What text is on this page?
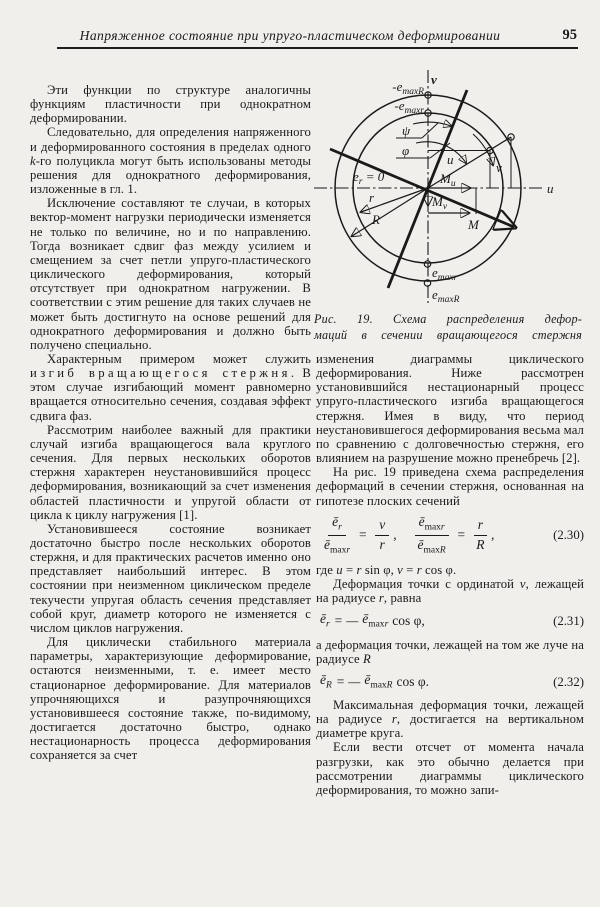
Напряженное состояние при упруго-пластическом деформировании	95

Эти функции по структуре аналогичны функциям пластичности при однократном деформировании.

Следовательно, для определения напряженного и деформированного состояния в пределах одного k-го полуцикла могут быть использованы методы решения для однократного деформирования, изложенные в гл. 1.

Исключение составляют те случаи, в которых вектор-момент нагрузки периодически изменяется не только по величине, но и по направлению. Тогда возникает сдвиг фаз между усилием и смещением за счет петли упруго-пластического циклического деформирования, который отсутствует при однократном нагружении. В соответствии с этим решение для таких случаев не может быть достигнуто на основе решений для однократного деформирования и должно быть получено специально.

Характерным примером может служить изгиб вращающегося стержня. В этом случае изгибающий момент равномерно вращается относительно сечения, создавая эффект сдвига фаз.

Рассмотрим наиболее важный для практики случай изгиба вращающегося вала круглого сечения. Для первых нескольких оборотов стержня характерен неустановившийся процесс деформирования, возникающий за счет изменения областей пластичности и упругой области от цикла к циклу нагружения [1].

Установившееся состояние возникает достаточно быстро после нескольких оборотов стержня, и для практических расчетов именно оно представляет наибольший интерес. В этом состоянии при неизменном циклическом пределе текучести упругая область сечения представляет собой круг, диаметр которого не изменяется с числом циклов нагружения.

Для циклически стабильного материала параметры, характеризующие деформирование, остаются неизменными, т. е. имеет место стационарное деформирование. Для материалов упрочняющихся и разупрочняющихся установившееся состояние также, по-видимому, достигается достаточно быстро, однако нестационарность процесса деформирования сохраняется за счет

v
u
$-e_{maxR}$
$-e_{maxr}$
$e_{maxr}$
$e_{maxR}$
ψ
φ
u
v
$e_r = 0$
r
R	M
$M_u$
$M_v$
Рис. 19. Схема распределения дефор-
маций в сечении вращающегося стержня

изменения диаграммы циклического деформирования. Ниже рассмотрен установившийся нестационарный процесс упруго-пластического изгиба вращающегося стержня. Имея в виду, что период неустановившегося деформирования весьма мал по сравнению с долговечностью стержня, его влиянием на разрушение можно пренебречь [2].

На рис. 19 приведена схема распределения деформаций в сечении стержня, основанная на гипотезе плоских сечений

$\frac{ē_r}{ē_{maxr}} = \frac{v}{r}$ , $\frac{ē_{maxr}}{ē_{maxR}} = \frac{r}{R}$ ,	(2.30)

где u = r sin φ, v = r cos φ.

Деформация точки с ординатой v, лежащей на радиусе r, равна

$ē_r$ = — $ē_{maxr}$ cos φ,	(2.31)

а деформация точки, лежащей на том же луче на радиусе R

$ē_R$ = — $ē_{maxR}$ cos φ.	(2.32)

Максимальная деформация точки, лежащей на радиусе r, достигается на вертикальном диаметре круга.

Если вести отсчет от момента начала разгрузки, как это обычно делается при рассмотрении диаграммы циклического деформирования, то можно запи-
